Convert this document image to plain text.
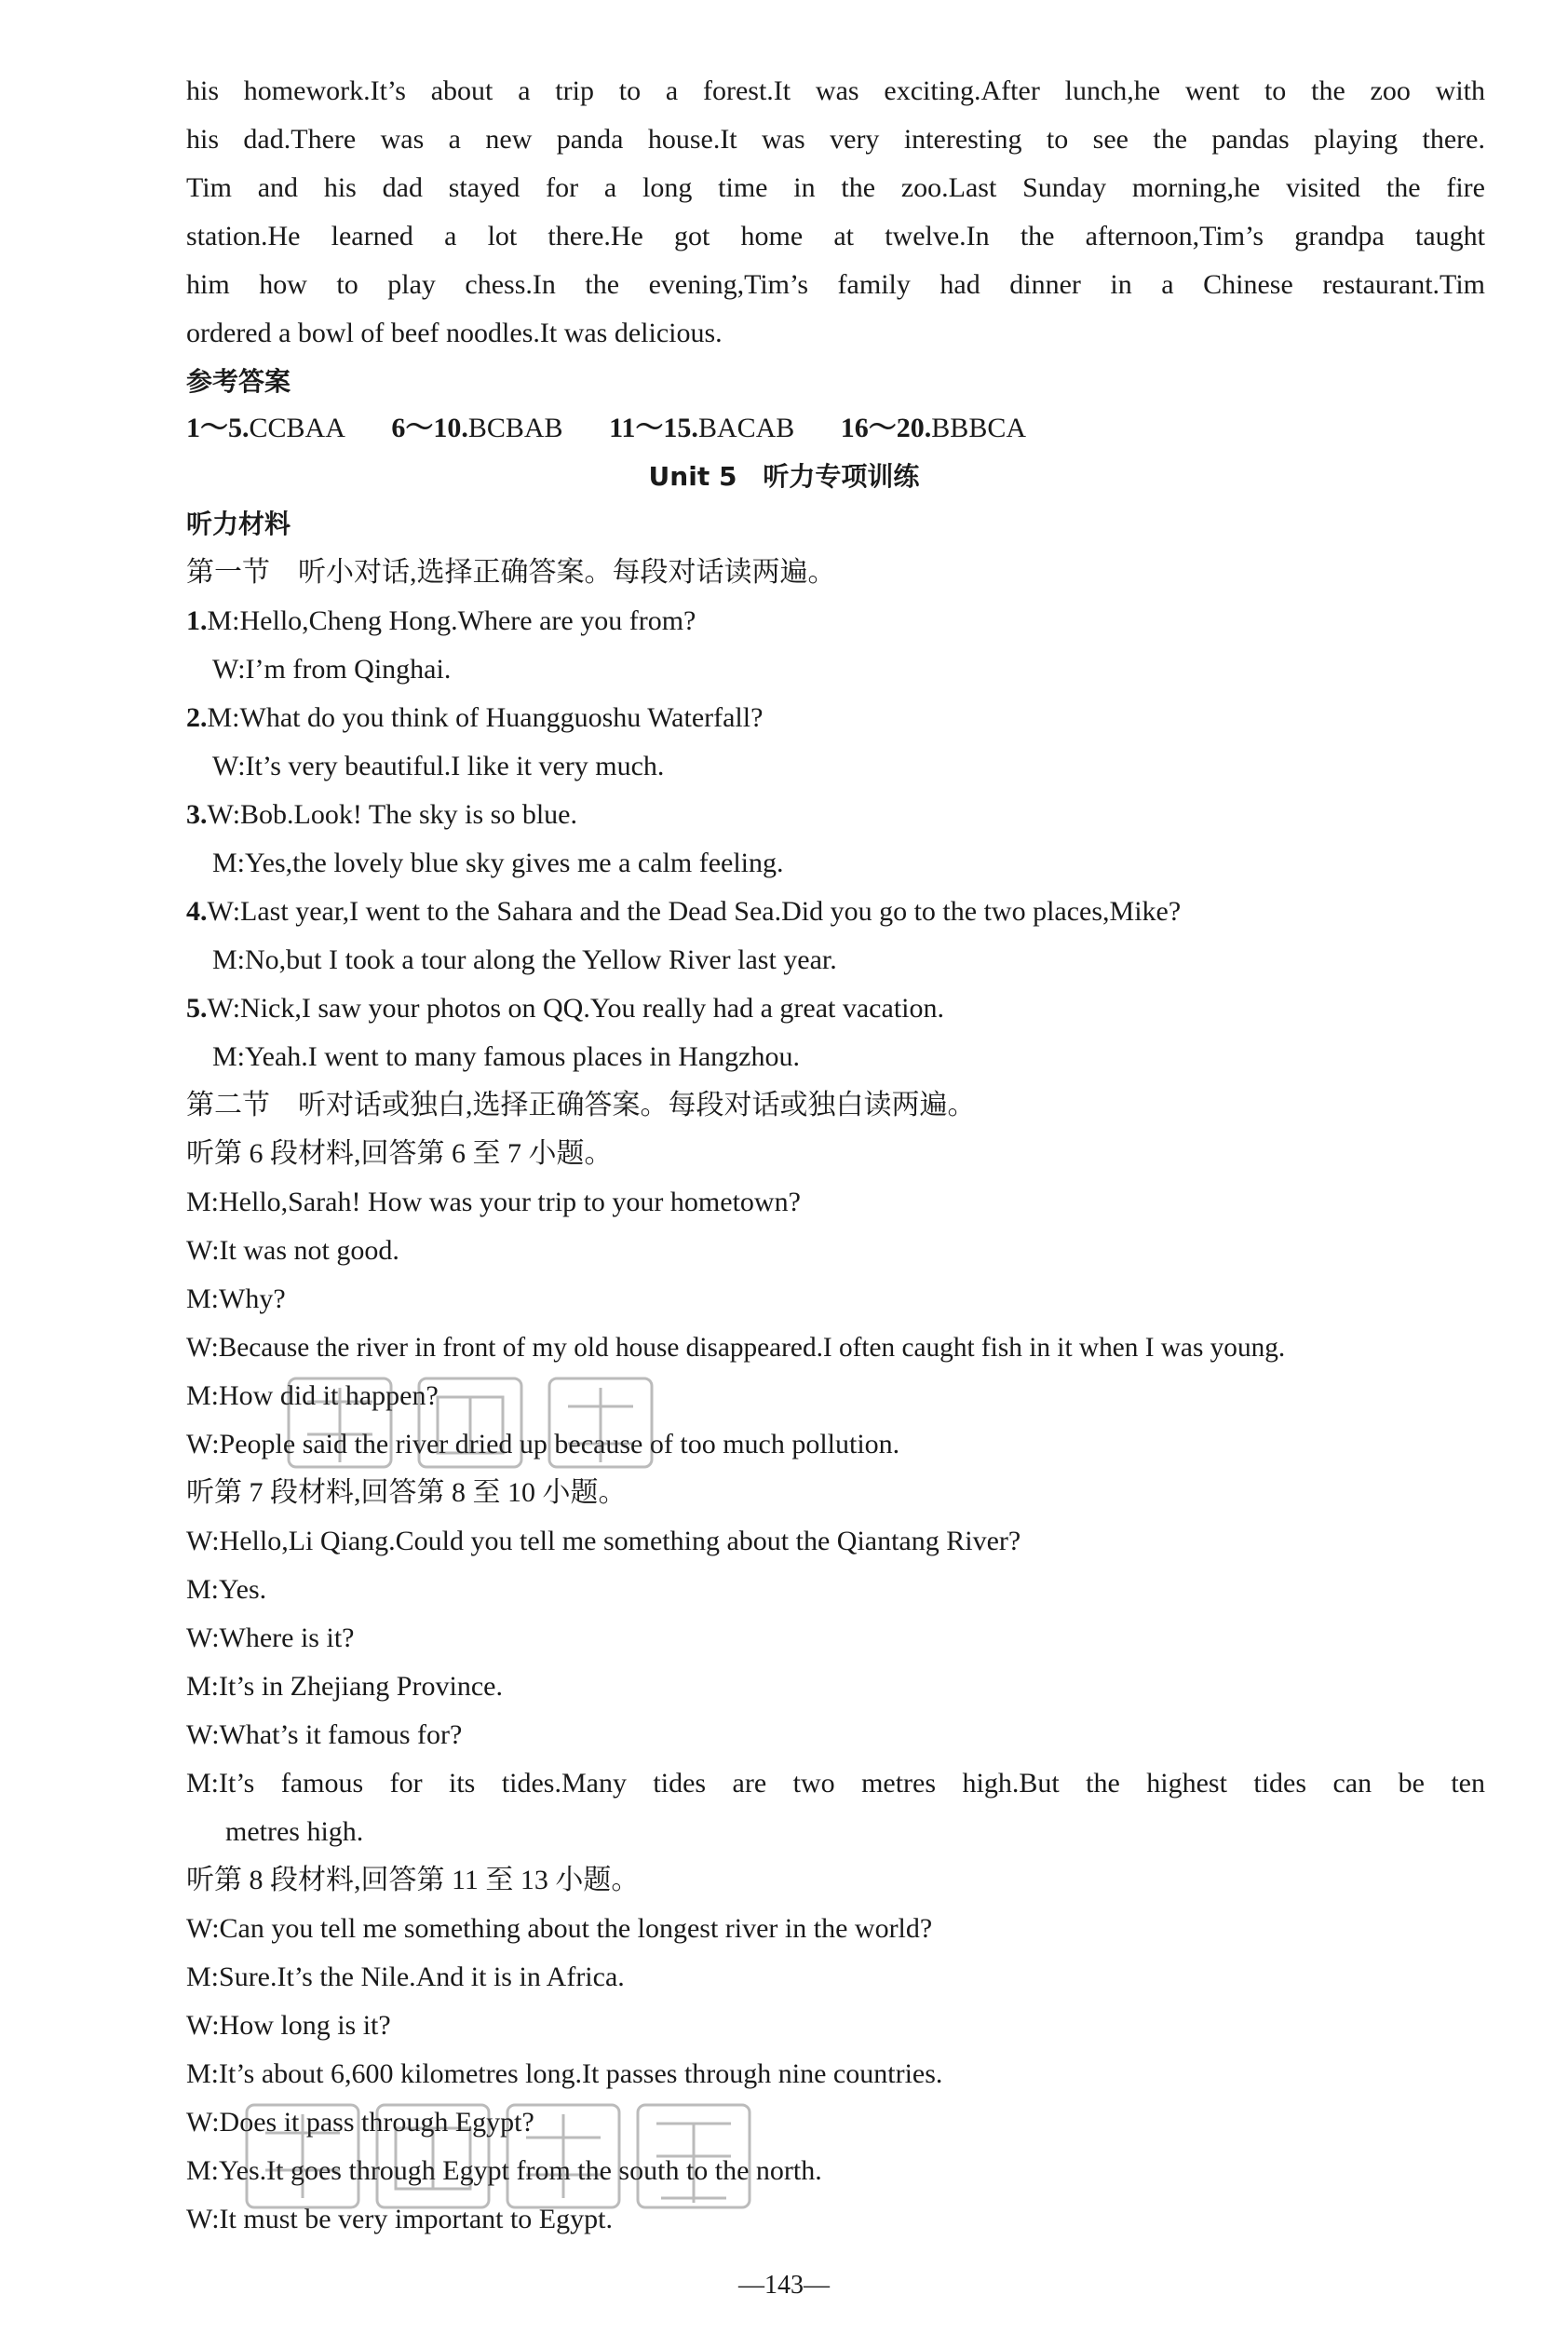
his homework.It’s about a trip to a forest.It was exciting.After lunch,he went to the zoo with
his dad.There was a new panda house.It was very interesting to see the pandas playing there.
Tim and his dad stayed for a long time in the zoo.Last Sunday morning,he visited the fire
station.He learned a lot there.He got home at twelve.In the afternoon,Tim’s grandpa taught
him how to play chess.In the evening,Tim’s family had dinner in a Chinese restaurant.Tim
ordered a bowl of beef noodles.It was delicious.
参考答案
1～5.CCBAA 6～10.BCBAB 11～15.BACAB 16～20.BBBCA
Unit 5　听力专项训练
听力材料
第一节　听小对话,选择正确答案。每段对话读两遍。
1.M:Hello,Cheng Hong.Where are you from?
W:I’m from Qinghai.
2.M:What do you think of Huangguoshu Waterfall?
W:It’s very beautiful.I like it very much.
3.W:Bob.Look! The sky is so blue.
M:Yes,the lovely blue sky gives me a calm feeling.
4.W:Last year,I went to the Sahara and the Dead Sea.Did you go to the two places,Mike?
M:No,but I took a tour along the Yellow River last year.
5.W:Nick,I saw your photos on QQ.You really had a great vacation.
M:Yeah.I went to many famous places in Hangzhou.
第二节　听对话或独白,选择正确答案。每段对话或独白读两遍。
听第 6 段材料,回答第 6 至 7 小题。
M:Hello,Sarah! How was your trip to your hometown?
W:It was not good.
M:Why?
W:Because the river in front of my old house disappeared.I often caught fish in it when I was young.
M:How did it happen?
W:People said the river dried up because of too much pollution.
听第 7 段材料,回答第 8 至 10 小题。
W:Hello,Li Qiang.Could you tell me something about the Qiantang River?
M:Yes.
W:Where is it?
M:It’s in Zhejiang Province.
W:What’s it famous for?
M:It’s famous for its tides.Many tides are two metres high.But the highest tides can be ten
metres high.
听第 8 段材料,回答第 11 至 13 小题。
W:Can you tell me something about the longest river in the world?
M:Sure.It’s the Nile.And it is in Africa.
W:How long is it?
M:It’s about 6,600 kilometres long.It passes through nine countries.
W:Does it pass through Egypt?
M:Yes.It goes through Egypt from the south to the north.
W:It must be very important to Egypt.
—143—
